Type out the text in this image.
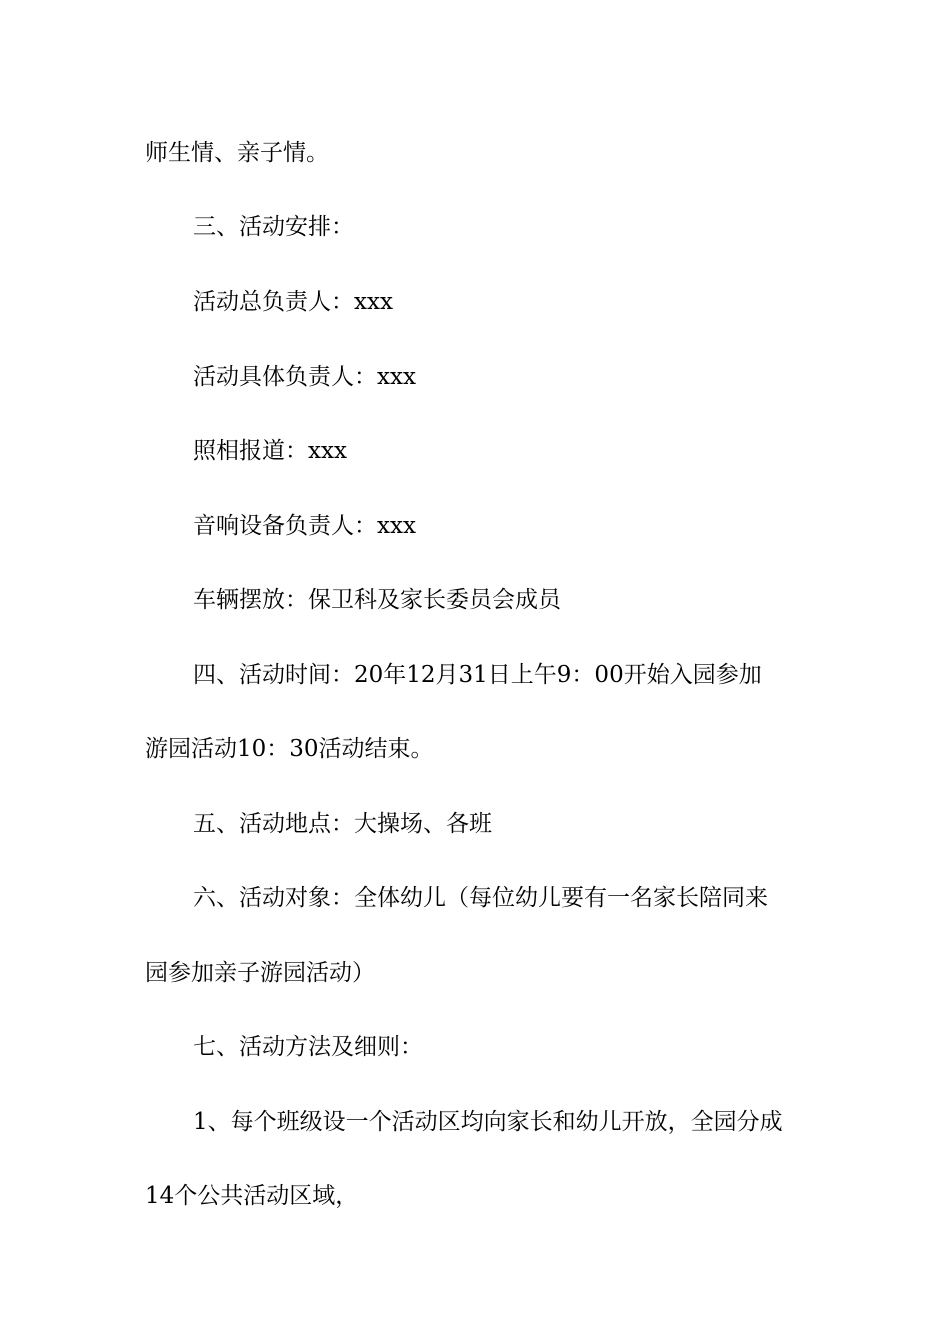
师生情、亲子情。
三、活动安排：
活动总负责人：xxx
活动具体负责人：xxx
照相报道：xxx
音响设备负责人：xxx
车辆摆放：保卫科及家长委员会成员
四、活动时间：20年12月31日上午9：00开始入园参加
游园活动10：30活动结束。
五、活动地点：大操场、各班
六、活动对象：全体幼儿（每位幼儿要有一名家长陪同来
园参加亲子游园活动）
七、活动方法及细则：
1、每个班级设一个活动区均向家长和幼儿开放，全园分成
14个公共活动区域，
